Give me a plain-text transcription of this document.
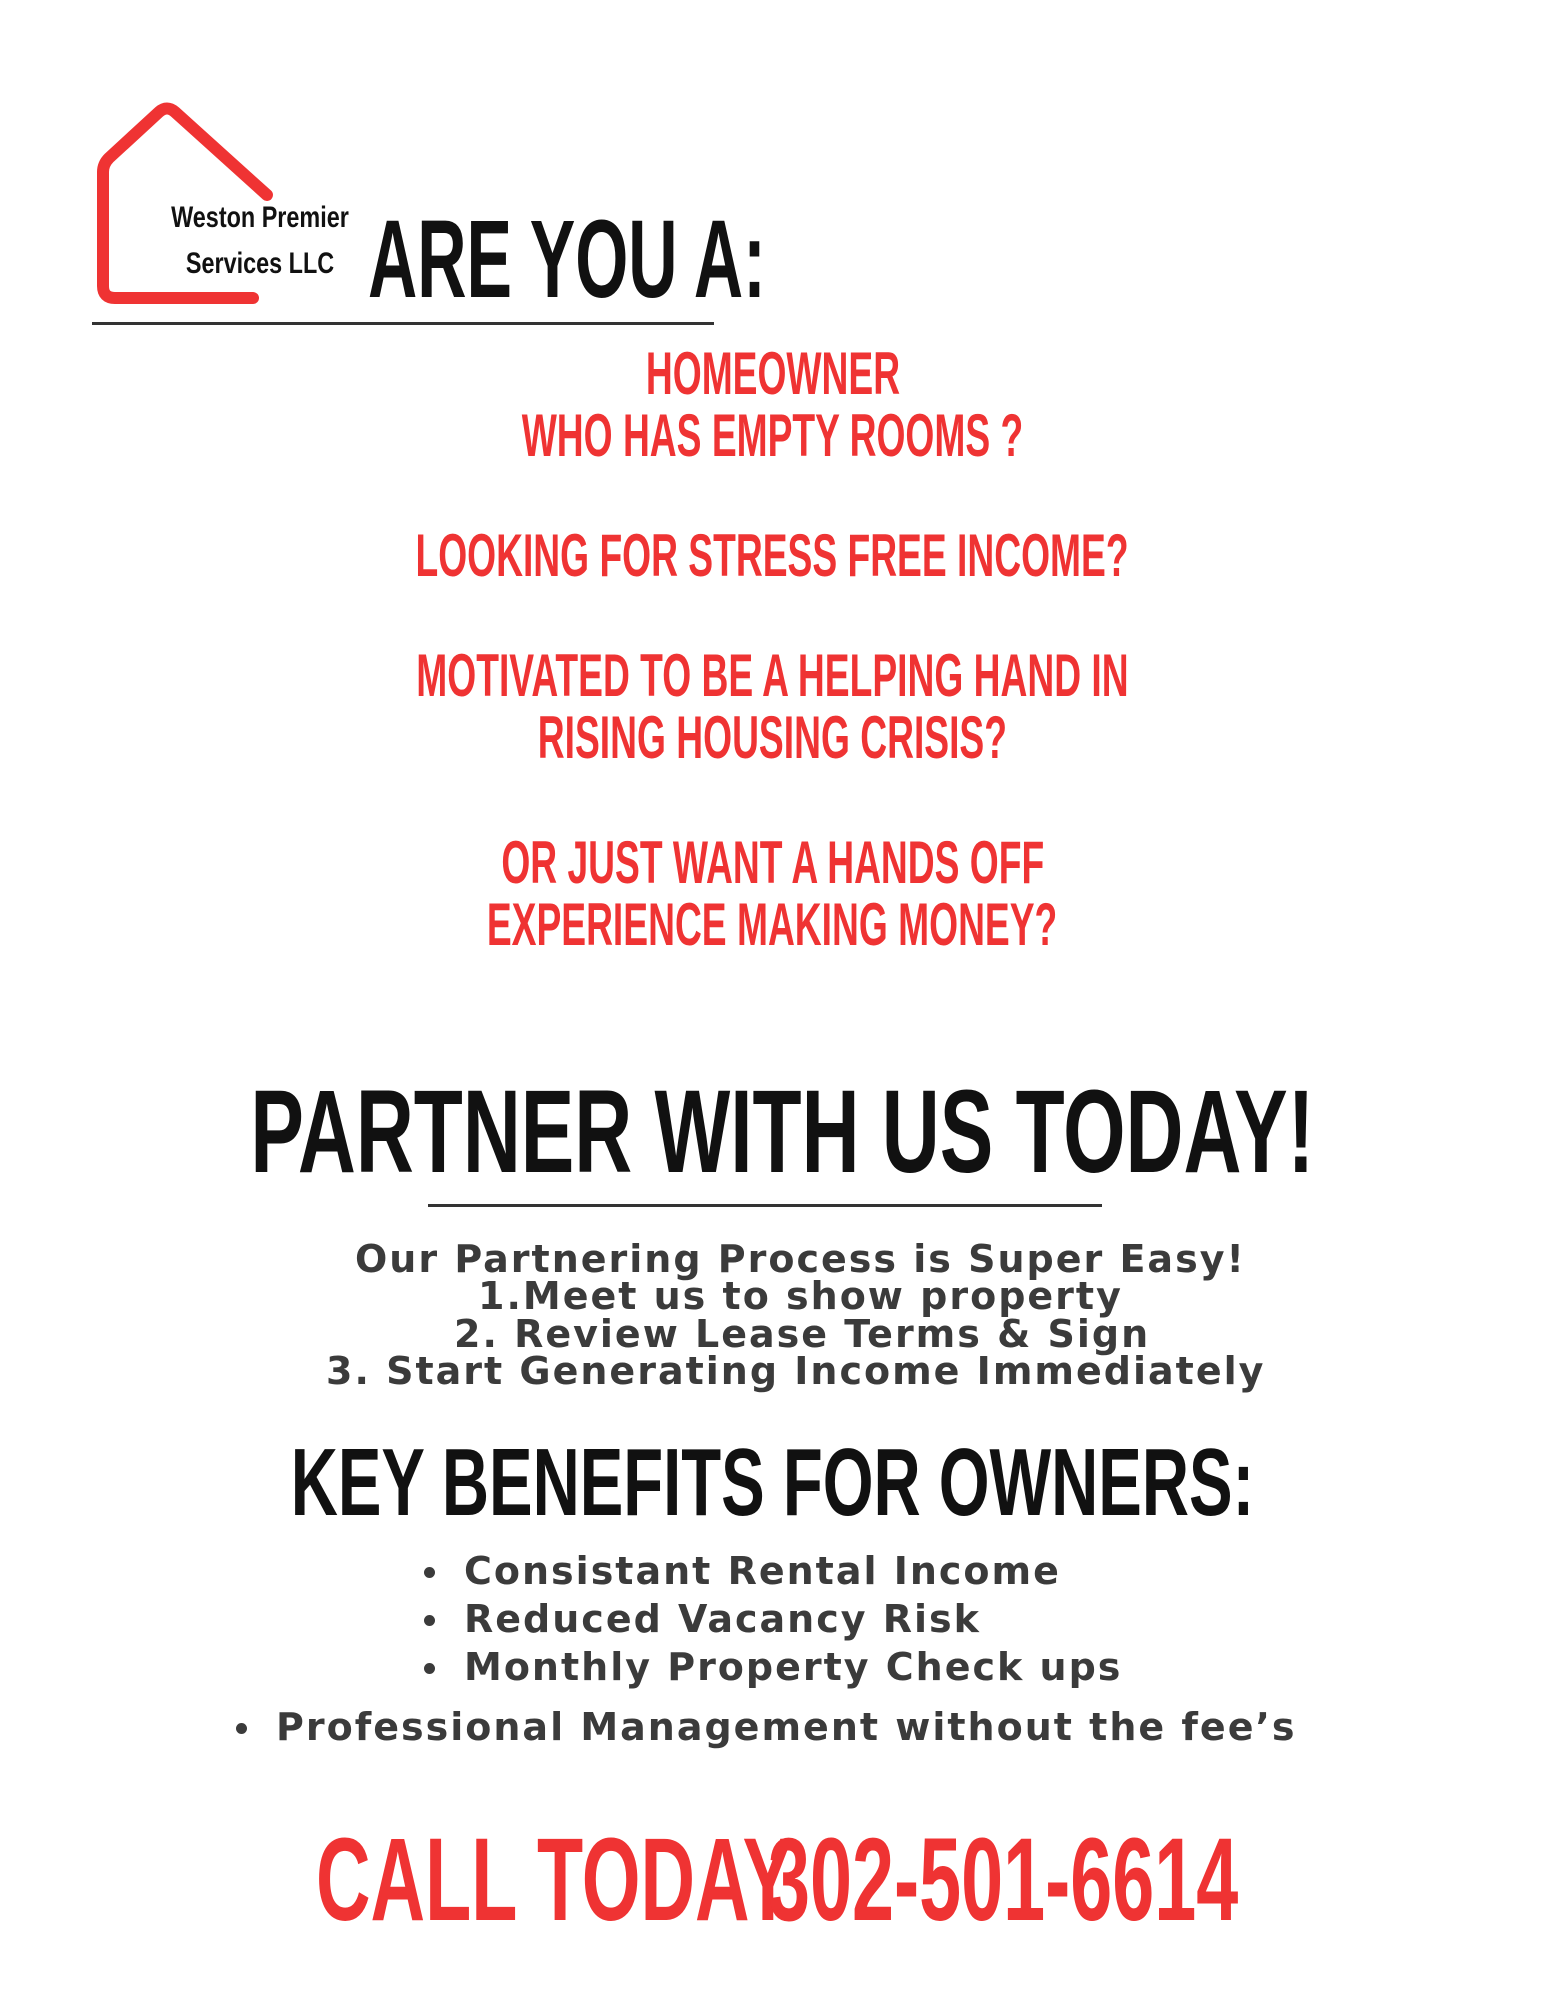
Weston Premier
Services LLC ARE YOU A:
HOMEOWNER
WHO HAS EMPTY ROOMS ?
LOOKING FOR STRESS FREE INCOME?
MOTIVATED TO BE A HELPING HAND IN
RISING HOUSING CRISIS?
OR JUST WANT A HANDS OFF
EXPERIENCE MAKING MONEY?
PARTNER WITH US TODAY!
Our Partnering Process is Super Easy!
1.Meet us to show property
2. Review Lease Terms & Sign
3. Start Generating Income Immediately
KEY BENEFITS FOR OWNERS:
Consistant Rental Income
Reduced Vacancy Risk
Monthly Property Check ups
Professional Management without the fee’s
CALL TODAY
302-501-6614
